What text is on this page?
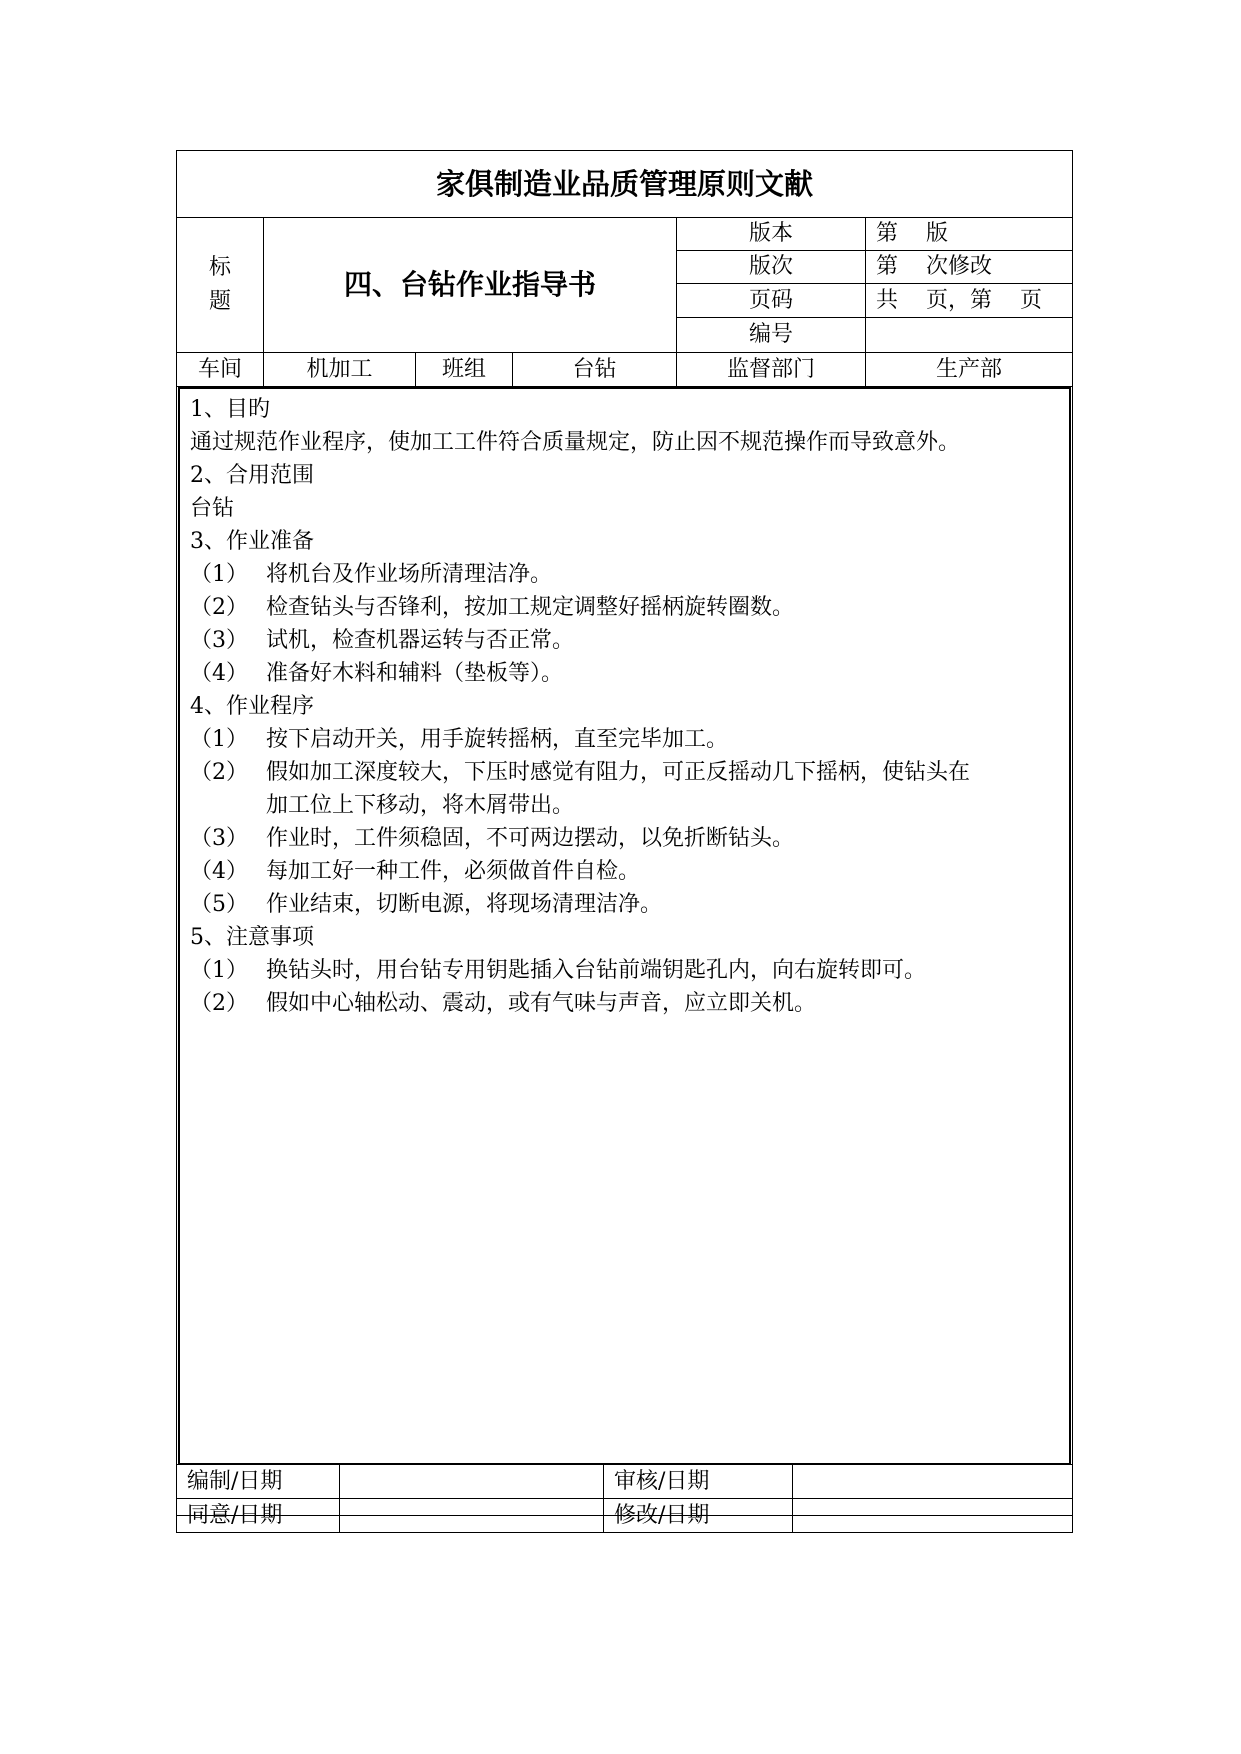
家俱制造业品质管理原则文献
标
题
四、台钻作业指导书
版本	第    版
版次	第    次修改
页码	共    页，第    页
编号
车间	机加工	班组	台钻	监督部门	生产部
1、目旳
通过规范作业程序，使加工工件符合质量规定，防止因不规范操作而导致意外。
2、合用范围
台钻
3、作业准备
（1） 将机台及作业场所清理洁净。
（2） 检查钻头与否锋利，按加工规定调整好摇柄旋转圈数。
（3） 试机，检查机器运转与否正常。
（4） 准备好木料和辅料（垫板等）。
4、作业程序
（1） 按下启动开关，用手旋转摇柄，直至完毕加工。
（2） 假如加工深度较大，下压时感觉有阻力，可正反摇动几下摇柄，使钻头在
加工位上下移动，将木屑带出。
（3） 作业时，工件须稳固，不可两边摆动，以免折断钻头。
（4） 每加工好一种工件，必须做首件自检。
（5） 作业结束，切断电源，将现场清理洁净。
5、注意事项
（1） 换钻头时，用台钻专用钥匙插入台钻前端钥匙孔内，向右旋转即可。
（2） 假如中心轴松动、震动，或有气味与声音，应立即关机。
编制/日期	审核/日期
同意/日期	修改/日期
